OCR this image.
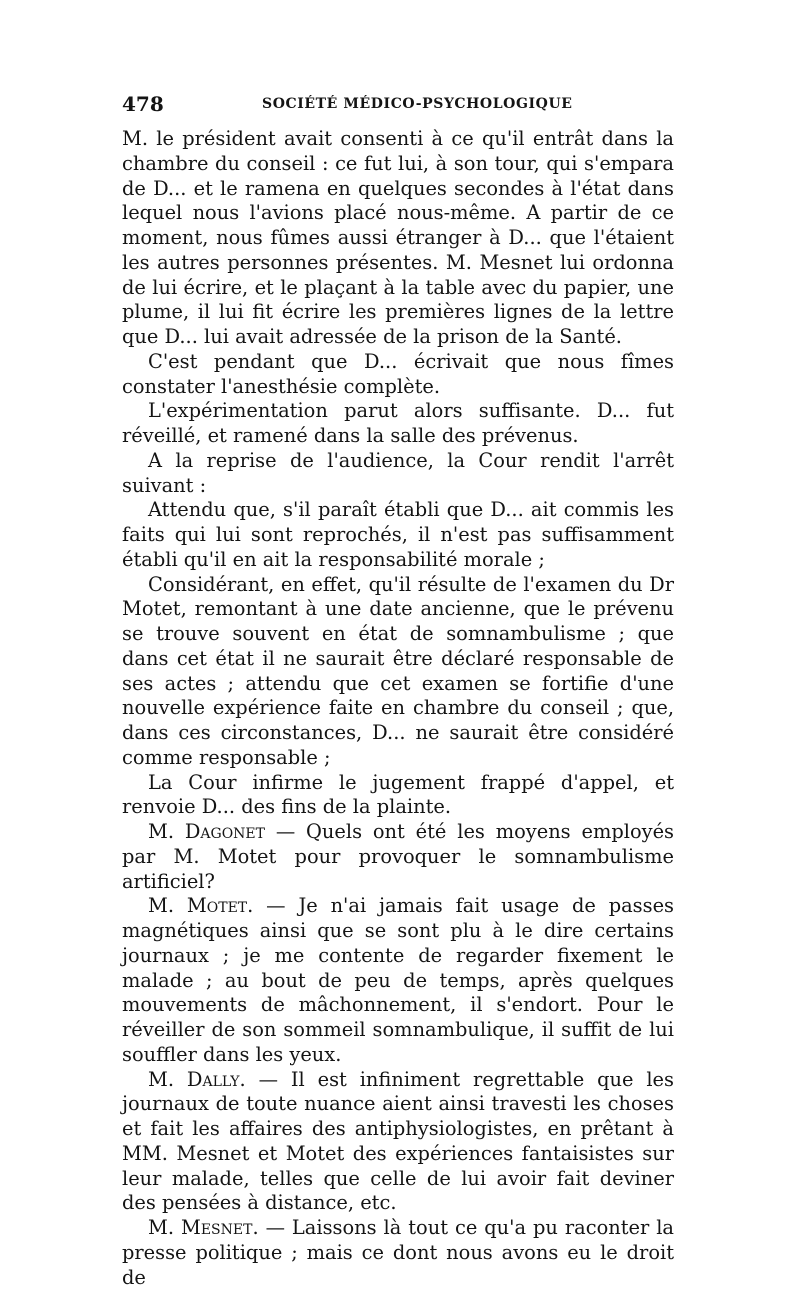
478	SOCIÉTÉ MÉDICO-PSYCHOLOGIQUE

M. le président avait consenti à ce qu'il entrât dans la chambre du conseil : ce fut lui, à son tour, qui s'empara de D... et le ramena en quelques secondes à l'état dans lequel nous l'avions placé nous-même. A partir de ce moment, nous fûmes aussi étranger à D... que l'étaient les autres personnes présentes. M. Mesnet lui ordonna de lui écrire, et le plaçant à la table avec du papier, une plume, il lui fit écrire les premières lignes de la lettre que D... lui avait adressée de la prison de la Santé.

C'est pendant que D... écrivait que nous fîmes constater l'anesthésie complète.

L'expérimentation parut alors suffisante. D... fut réveillé, et ramené dans la salle des prévenus.

A la reprise de l'audience, la Cour rendit l'arrêt suivant :

Attendu que, s'il paraît établi que D... ait commis les faits qui lui sont reprochés, il n'est pas suffisamment établi qu'il en ait la responsabilité morale ;

Considérant, en effet, qu'il résulte de l'examen du Dr Motet, remontant à une date ancienne, que le prévenu se trouve souvent en état de somnambulisme ; que dans cet état il ne saurait être déclaré responsable de ses actes ; attendu que cet examen se fortifie d'une nouvelle expérience faite en chambre du conseil ; que, dans ces circonstances, D... ne saurait être considéré comme responsable ;

La Cour infirme le jugement frappé d'appel, et renvoie D... des fins de la plainte.

M. Dagonet — Quels ont été les moyens employés par M. Motet pour provoquer le somnambulisme artificiel?

M. Motet. — Je n'ai jamais fait usage de passes magnétiques ainsi que se sont plu à le dire certains journaux ; je me contente de regarder fixement le malade ; au bout de peu de temps, après quelques mouvements de mâchonnement, il s'endort. Pour le réveiller de son sommeil somnambulique, il suffit de lui souffler dans les yeux.

M. Dally. — Il est infiniment regrettable que les journaux de toute nuance aient ainsi travesti les choses et fait les affaires des antiphysiologistes, en prêtant à MM. Mesnet et Motet des expériences fantaisistes sur leur malade, telles que celle de lui avoir fait deviner des pensées à distance, etc.

M. Mesnet. — Laissons là tout ce qu'a pu raconter la presse politique ; mais ce dont nous avons eu le droit de
